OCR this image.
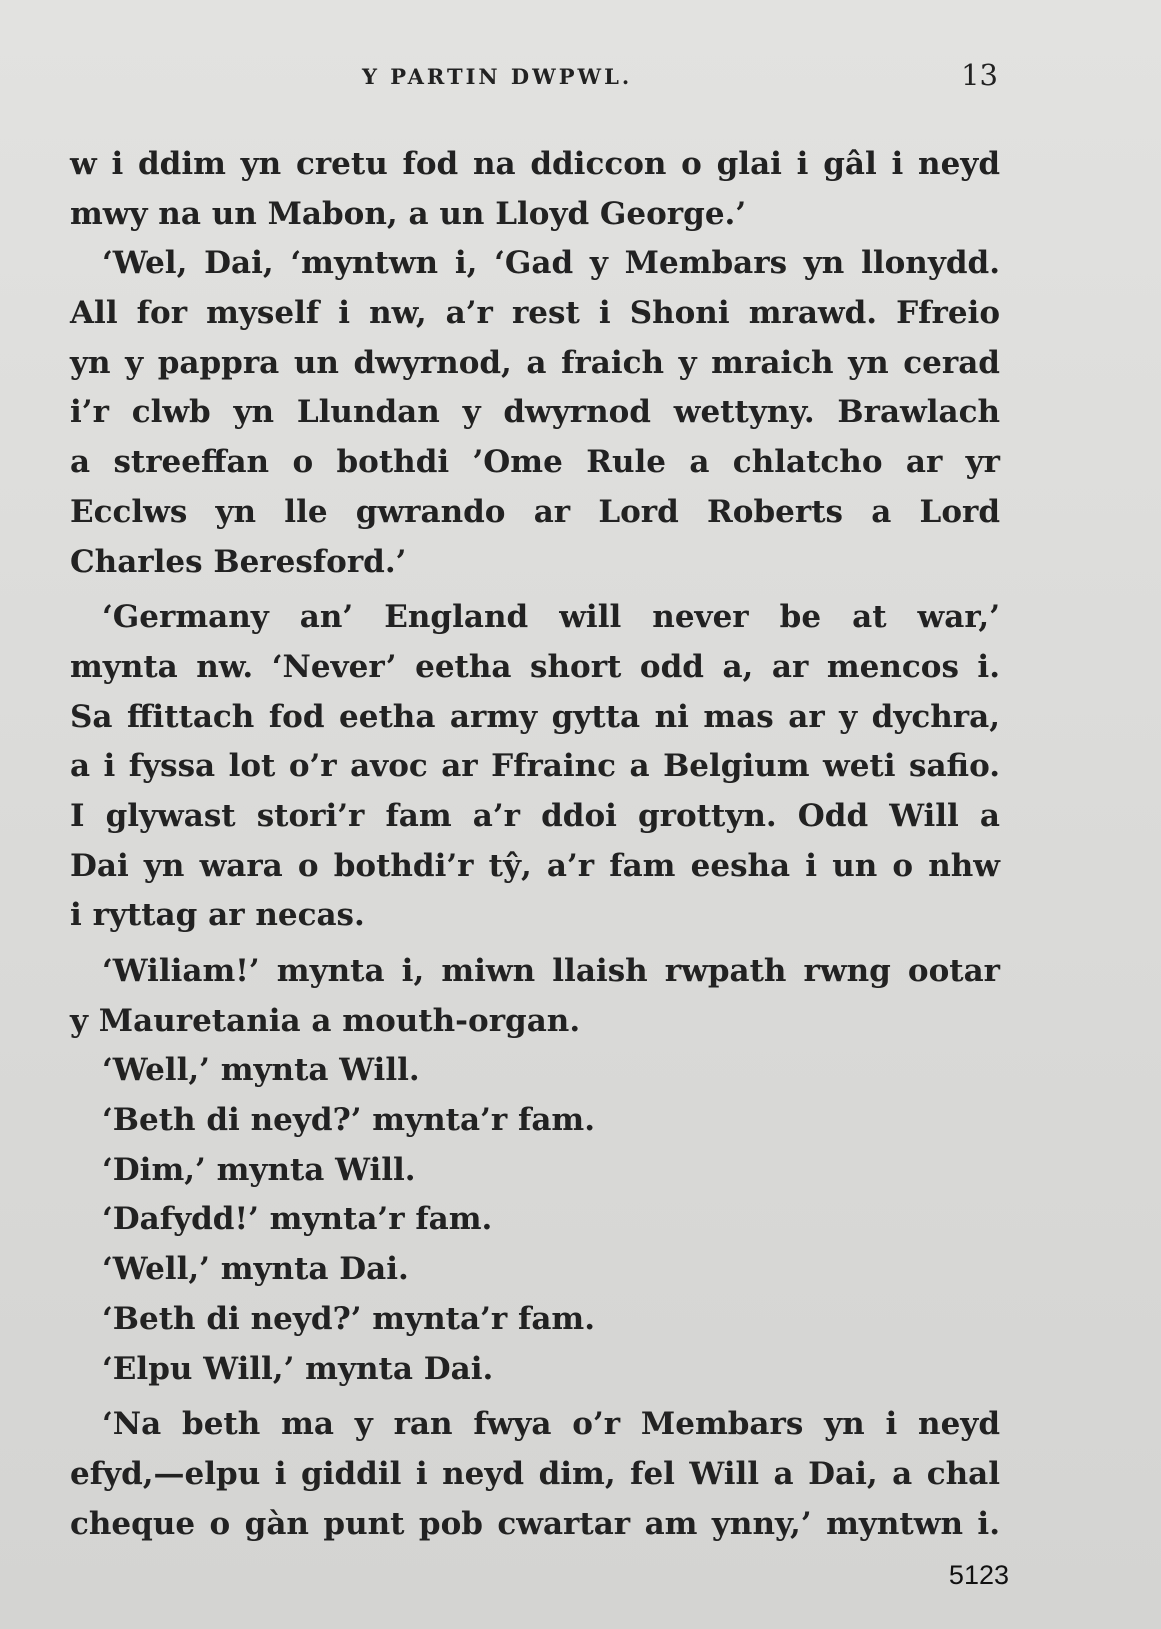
Y PARTIN DWPWL.	13
w i ddim yn cretu fod na ddiccon o glai i gâl i neyd
mwy na un Mabon, a un Lloyd George.’
‘Wel, Dai, ‘myntwn i, ‘Gad y Membars yn llonydd.
All for myself i nw, a’r rest i Shoni mrawd. Ffreio
yn y pappra un dwyrnod, a fraich y mraich yn cerad
i’r clwb yn Llundan y dwyrnod wettyny. Brawlach
a streeffan o bothdi ’Ome Rule a chlatcho ar yr
Ecclws yn lle gwrando ar Lord Roberts a Lord
Charles Beresford.’
‘Germany an’ England will never be at war,’
mynta nw. ‘Never’ eetha short odd a, ar mencos i.
Sa ffittach fod eetha army gytta ni mas ar y dychra,
a i fyssa lot o’r avoc ar Ffrainc a Belgium weti safio.
I glywast stori’r fam a’r ddoi grottyn. Odd Will a
Dai yn wara o bothdi’r tŷ, a’r fam eesha i un o nhw
i ryttag ar necas.
‘Wiliam!’ mynta i, miwn llaish rwpath rwng ootar
y Mauretania a mouth-organ.
‘Well,’ mynta Will.
‘Beth di neyd?’ mynta’r fam.
‘Dim,’ mynta Will.
‘Dafydd!’ mynta’r fam.
‘Well,’ mynta Dai.
‘Beth di neyd?’ mynta’r fam.
‘Elpu Will,’ mynta Dai.
‘Na beth ma y ran fwya o’r Membars yn i neyd
efyd,—elpu i giddil i neyd dim, fel Will a Dai, a chal
cheque o gàn punt pob cwartar am ynny,’ myntwn i.
5123
